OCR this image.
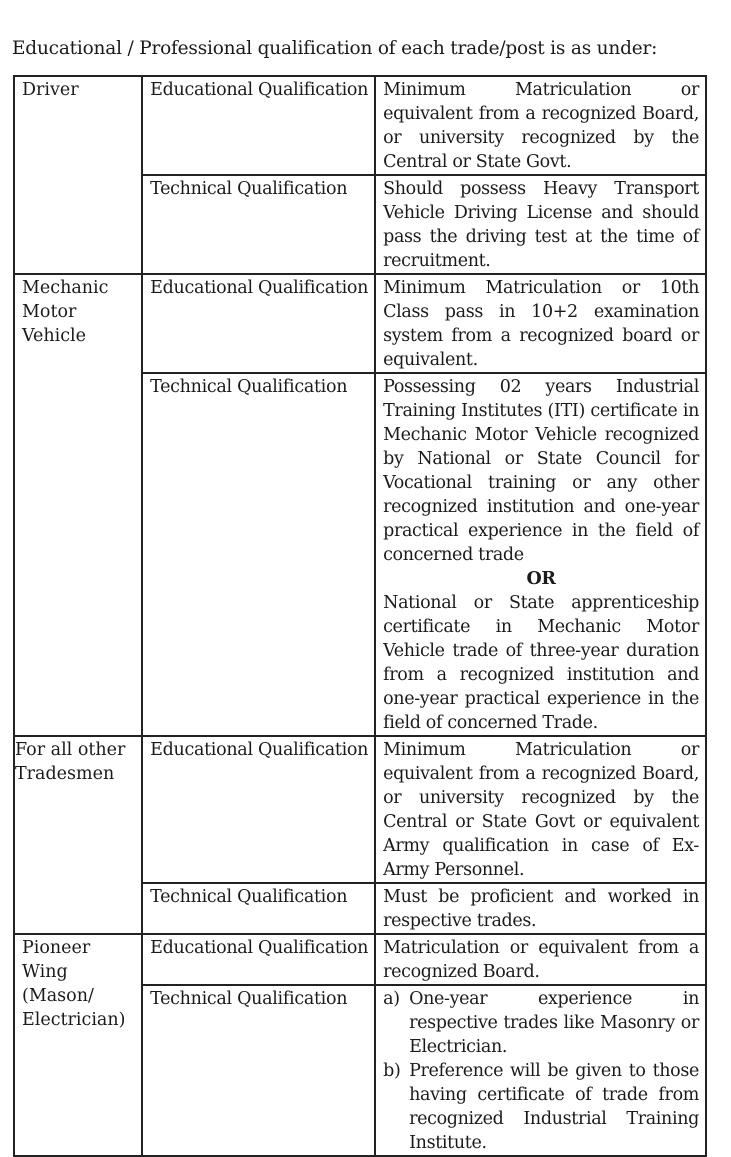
Educational / Professional qualification of each trade/post is as under:
Driver	Educational Qualification	Minimum Matriculation or equivalent from a recognized Board, or university recognized by the Central or State Govt.
	Technical Qualification	Should possess Heavy Transport Vehicle Driving License and should pass the driving test at the time of recruitment.
Mechanic Motor Vehicle	Educational Qualification	Minimum Matriculation or 10th Class pass in 10+2 examination system from a recognized board or equivalent.
	Technical Qualification	Possessing 02 years Industrial Training Institutes (ITI) certificate in Mechanic Motor Vehicle recognized by National or State Council for Vocational training or any other recognized institution and one-year practical experience in the field of concerned trade
OR
National or State apprenticeship certificate in Mechanic Motor Vehicle trade of three-year duration from a recognized institution and one-year practical experience in the field of concerned Trade.

For all other Tradesmen	Educational Qualification	Minimum Matriculation or equivalent from a recognized Board, or university recognized by the Central or State Govt or equivalent Army qualification in case of Ex-Army Personnel.
	Technical Qualification	Must be proficient and worked in respective trades.
Pioneer Wing (Mason/ Electrician)	Educational Qualification	Matriculation or equivalent from a recognized Board.
	Technical Qualification	a) One-year experience in respective trades like Masonry or Electrician.
b) Preference will be given to those having certificate of trade from recognized Industrial Training Institute.
